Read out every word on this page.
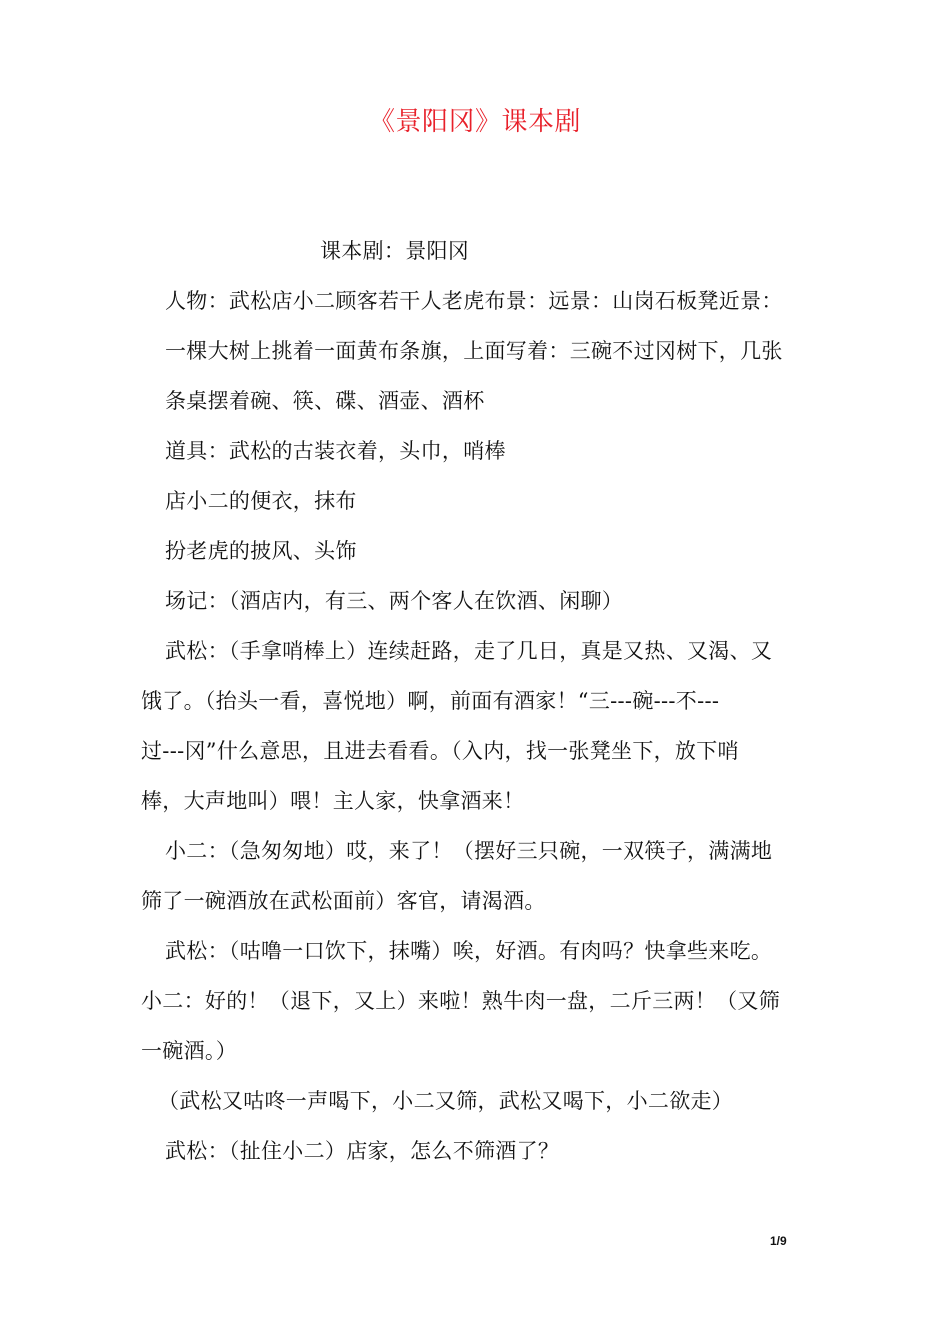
《景阳冈》课本剧
课本剧：景阳冈
人物：武松店小二顾客若干人老虎布景：远景：山岗石板凳近景：
一棵大树上挑着一面黄布条旗，上面写着：三碗不过冈树下，几张
条桌摆着碗、筷、碟、酒壶、酒杯
道具：武松的古装衣着，头巾，哨棒
店小二的便衣，抹布
扮老虎的披风、头饰
场记：（酒店内，有三、两个客人在饮酒、闲聊）
武松：（手拿哨棒上）连续赶路，走了几日，真是又热、又渴、又
饿了。（抬头一看，喜悦地）啊，前面有酒家！“三---碗---不---
过---冈”什么意思，且进去看看。（入内，找一张凳坐下，放下哨
棒，大声地叫）喂！主人家，快拿酒来！
小二：（急匆匆地）哎，来了！（摆好三只碗，一双筷子，满满地
筛了一碗酒放在武松面前）客官，请渴酒。
武松：（咕噜一口饮下，抹嘴）唉，好酒。有肉吗？快拿些来吃。
小二：好的！（退下，又上）来啦！熟牛肉一盘，二斤三两！（又筛
一碗酒。）
（武松又咕咚一声喝下，小二又筛，武松又喝下，小二欲走）
武松：（扯住小二）店家，怎么不筛酒了？
1/9
